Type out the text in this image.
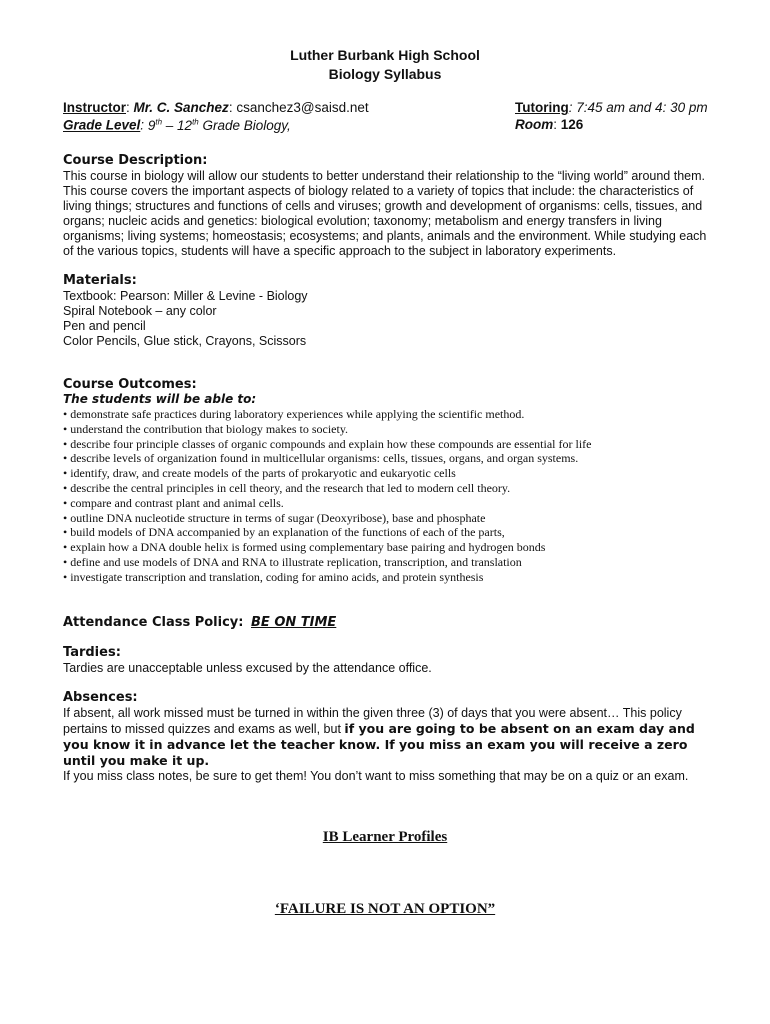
Luther Burbank High School
Biology Syllabus
Instructor: Mr. C. Sanchez: csanchez3@saisd.net
Grade Level: 9th – 12th Grade Biology,
Tutoring: 7:45 am and 4: 30 pm
Room: 126
Course Description:
This course in biology will allow our students to better understand their relationship to the “living world” around them. This course covers the important aspects of biology related to a variety of topics that include: the characteristics of living things; structures and functions of cells and viruses; growth and development of organisms: cells, tissues, and organs; nucleic acids and genetics: biological evolution; taxonomy; metabolism and energy transfers in living organisms; living systems; homeostasis; ecosystems; and plants, animals and the environment. While studying each of the various topics, students will have a specific approach to the subject in laboratory experiments.
Materials:
Textbook: Pearson: Miller & Levine - Biology
Spiral Notebook – any color
Pen and pencil
Color Pencils, Glue stick, Crayons, Scissors
Course Outcomes:
The students will be able to:
• demonstrate safe practices during laboratory experiences while applying the scientific method.
• understand the contribution that biology makes to society.
• describe four principle classes of organic compounds and explain how these compounds are essential for life
• describe levels of organization found in multicellular organisms: cells, tissues, organs, and organ systems.
• identify, draw, and create models of the parts of prokaryotic and eukaryotic cells
• describe the central principles in cell theory, and the research that led to modern cell theory.
• compare and contrast plant and animal cells.
• outline DNA nucleotide structure in terms of sugar (Deoxyribose), base and phosphate
• build models of DNA accompanied by an explanation of the functions of each of the parts,
• explain how a DNA double helix is formed using complementary base pairing and hydrogen bonds
• define and use models of DNA and RNA to illustrate replication, transcription, and translation
• investigate transcription and translation, coding for amino acids, and protein synthesis
Attendance Class Policy: BE ON TIME
Tardies:
Tardies are unacceptable unless excused by the attendance office.
Absences:
If absent, all work missed must be turned in within the given three (3) of days that you were absent… This policy pertains to missed quizzes and exams as well, but if you are going to be absent on an exam day and you know it in advance let the teacher know. If you miss an exam you will receive a zero until you make it up.
If you miss class notes, be sure to get them! You don’t want to miss something that may be on a quiz or an exam.
IB Learner Profiles
‘FAILURE IS NOT AN OPTION”
